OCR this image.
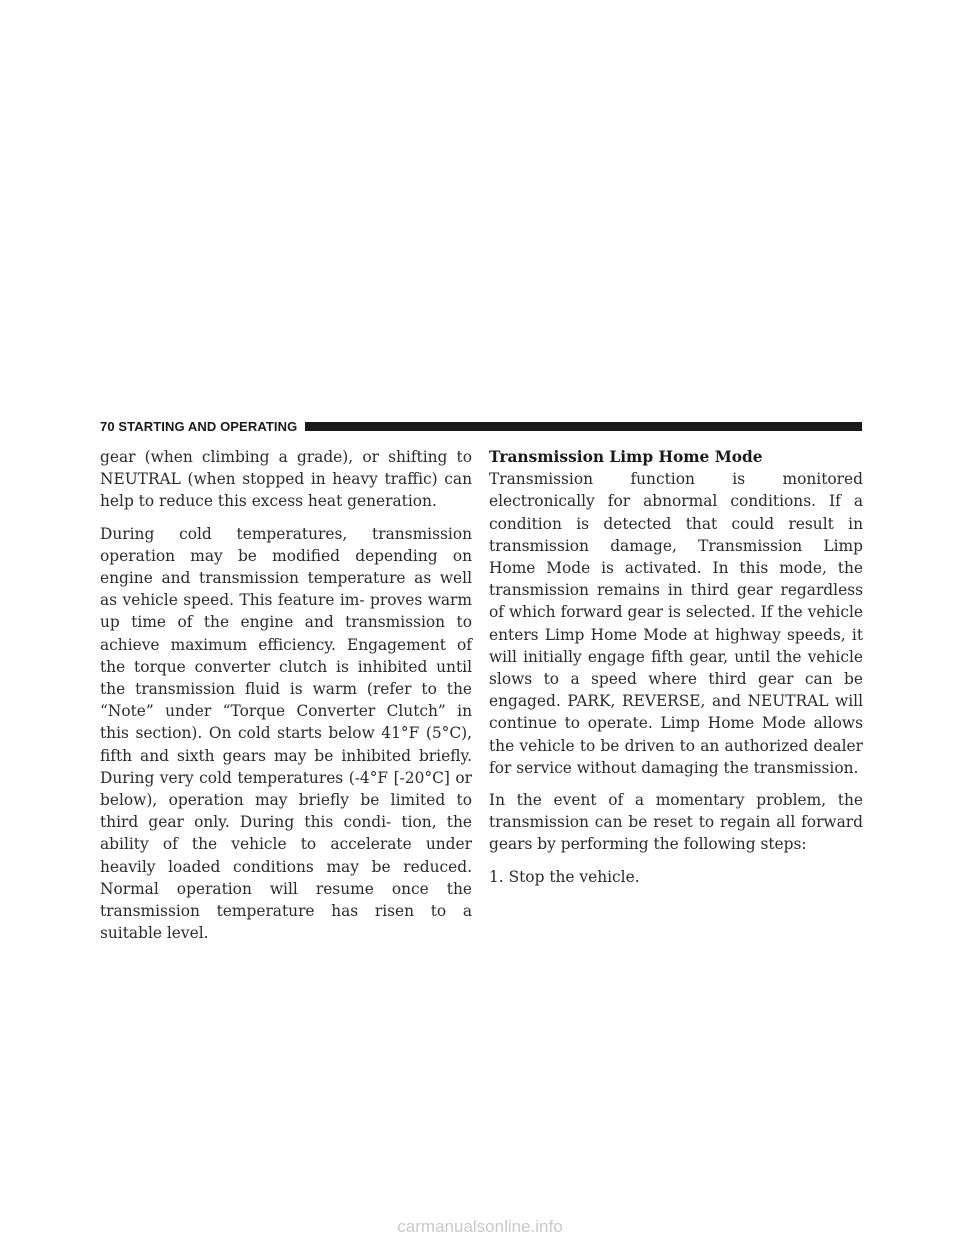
70 STARTING AND OPERATING

gear (when climbing a grade), or shifting to NEUTRAL (when stopped in heavy traffic) can help to reduce this excess heat generation.

During cold temperatures, transmission operation may be modified depending on engine and transmission temperature as well as vehicle speed. This feature im- proves warm up time of the engine and transmission to achieve maximum efficiency. Engagement of the torque converter clutch is inhibited until the transmission fluid is warm (refer to the “Note” under “Torque Converter Clutch” in this section). On cold starts below 41°F (5°C), fifth and sixth gears may be inhibited briefly. During very cold temperatures (-4°F [-20°C] or below), operation may briefly be limited to third gear only. During this condi- tion, the ability of the vehicle to accelerate under heavily loaded conditions may be reduced. Normal operation will resume once the transmission temperature has risen to a suitable level.

Transmission Limp Home Mode

Transmission function is monitored electronically for abnormal conditions. If a condition is detected that could result in transmission damage, Transmission Limp Home Mode is activated. In this mode, the transmission remains in third gear regardless of which forward gear is selected. If the vehicle enters Limp Home Mode at highway speeds, it will initially engage fifth gear, until the vehicle slows to a speed where third gear can be engaged. PARK, REVERSE, and NEUTRAL will continue to operate. Limp Home Mode allows the vehicle to be driven to an authorized dealer for service without damaging the transmission.

In the event of a momentary problem, the transmission can be reset to regain all forward gears by performing the following steps:

1. Stop the vehicle.

carmanualsonline.info
